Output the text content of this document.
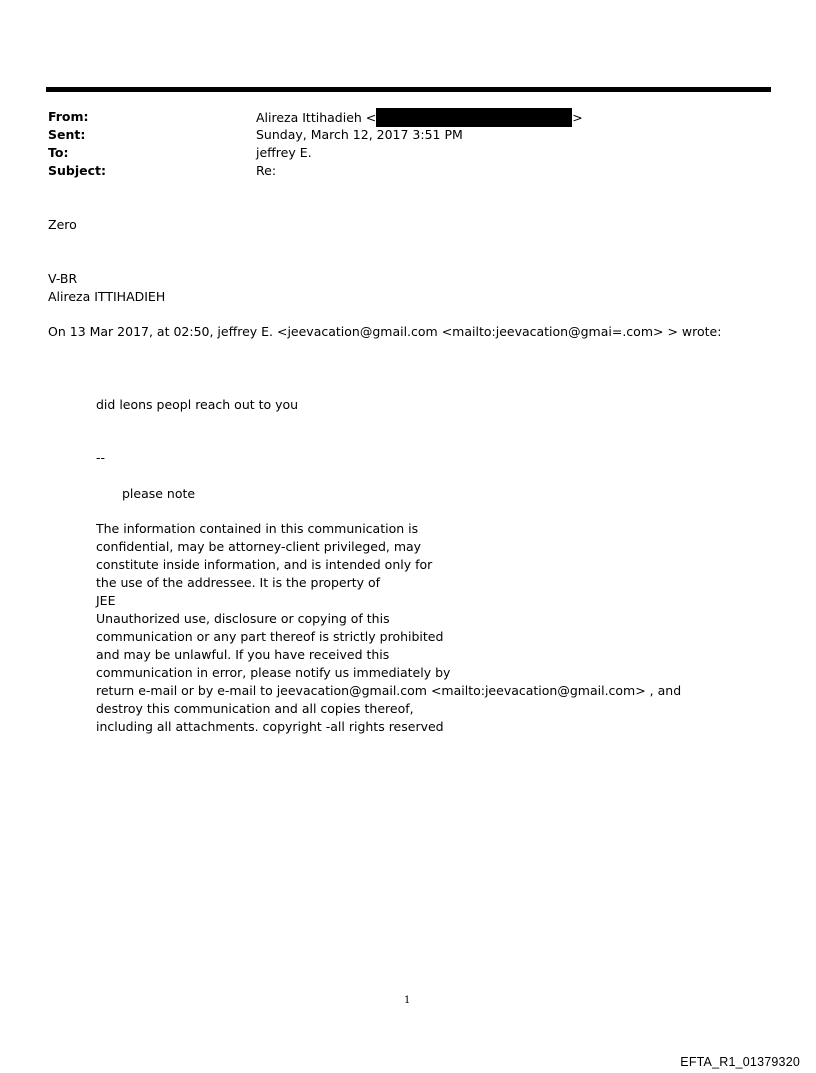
From:	Alireza Ittihadieh <	>
Sent:	Sunday, March 12, 2017 3:51 PM
To:	jeffrey E.
Subject:	Re:
Zero
V-BR
Alireza ITTIHADIEH
On 13 Mar 2017, at 02:50, jeffrey E. <jeevacation@gmail.com <mailto:jeevacation@gmai=.com> > wrote:
did leons peopl reach out to you
--
please note
The information contained in this communication is
confidential, may be attorney-client privileged, may
constitute inside information, and is intended only for
the use of the addressee. It is the property of
JEE
Unauthorized use, disclosure or copying of this
communication or any part thereof is strictly prohibited
and may be unlawful. If you have received this
communication in error, please notify us immediately by
return e-mail or by e-mail to jeevacation@gmail.com <mailto:jeevacation@gmail.com> , and
destroy this communication and all copies thereof,
including all attachments. copyright -all rights reserved
1
EFTA_R1_01379320
